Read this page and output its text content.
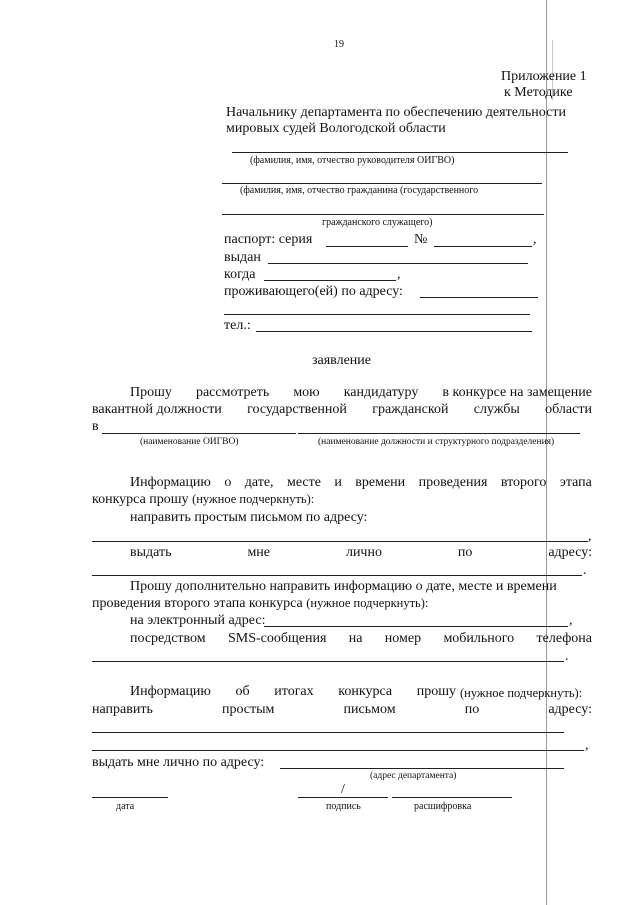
19
Приложение 1
к Методике
Начальнику департамента по обеспечению деятельности
мировых судей Вологодской области
(фамилия, имя, отчество руководителя ОИГВО)
(фамилия, имя, отчество гражданина (государственного
гражданского служащего)
паспорт: серия	№	,
выдан
когда	,
проживающего(ей) по адресу:
тел.:
заявление
Прошу рассмотреть мою кандидатуру в конкурсе на замещение
вакантной должности государственной гражданской службы области
в
(наименование ОИГВО)	(наименование должности и структурного подразделения)
Информацию о дате, месте и времени проведения второго этапа
конкурса прошу (нужное подчеркнуть):
направить простым письмом по адресу:
,
выдать	мне	лично	по	адресу:
.
Прошу дополнительно направить информацию о дате, месте и времени
проведения второго этапа конкурса (нужное подчеркнуть):
на электронный адрес:	,
посредством SMS-сообщения на номер мобильного телефона
.
Информацию об итогах конкурса прошу (нужное подчеркнуть):
направить	простым	письмом	по	адресу:
,
выдать мне лично по адресу:
(адрес департамента)
/
дата	подпись	расшифровка
